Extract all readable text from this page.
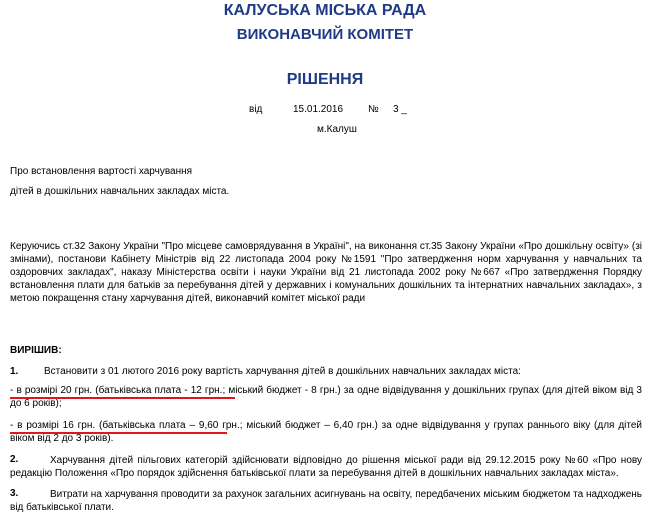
КАЛУСЬКА МІСЬКА РАДА
ВИКОНАВЧИЙ КОМІТЕТ
РІШЕННЯ
від	15.01.2016 № 3 _
м.Калуш
Про встановлення вартості харчування
дітей в дошкільних навчальних закладах міста.
Керуючись ст.32 Закону України "Про місцеве самоврядування в Україні", на виконання ст.35 Закону України «Про дошкільну освіту» (зі змінами), постанови Кабінету Міністрів від 22 листопада 2004 року №1591 "Про затвердження норм харчування у навчальних та оздоровчих закладах", наказу Міністерства освіти і науки України від 21 листопада 2002 року №667 «Про затвердження Порядку встановлення плати для батьків за перебування дітей у державних і комунальних дошкільних та інтернатних навчальних закладах», з метою покращення стану харчування дітей, виконавчий комітет міської ради
ВИРІШИВ:
1.	Встановити з 01 лютого 2016 року вартість харчування дітей в дошкільних навчальних закладах міста:
- в розмірі 20 грн. (батьківська плата - 12 грн.; міський бюджет - 8 грн.) за одне відвідування у дошкільних групах (для дітей віком від 3 до 6 років);
- в розмірі 16 грн. (батьківська плата – 9,60 грн.; міський бюджет – 6,40 грн.) за одне відвідування у групах раннього віку (для дітей віком від 2 до 3 років).
2.	Харчування дітей пільгових категорій здійснювати відповідно до рішення міської ради від 29.12.2015 року №60 «Про нову редакцію Положення «Про порядок здійснення батьківської плати за перебування дітей в дошкільних навчальних закладах міста».
3.	Витрати на харчування проводити за рахунок загальних асигнувань на освіту, передбачених міським бюджетом та надходжень від батьківської плати.
